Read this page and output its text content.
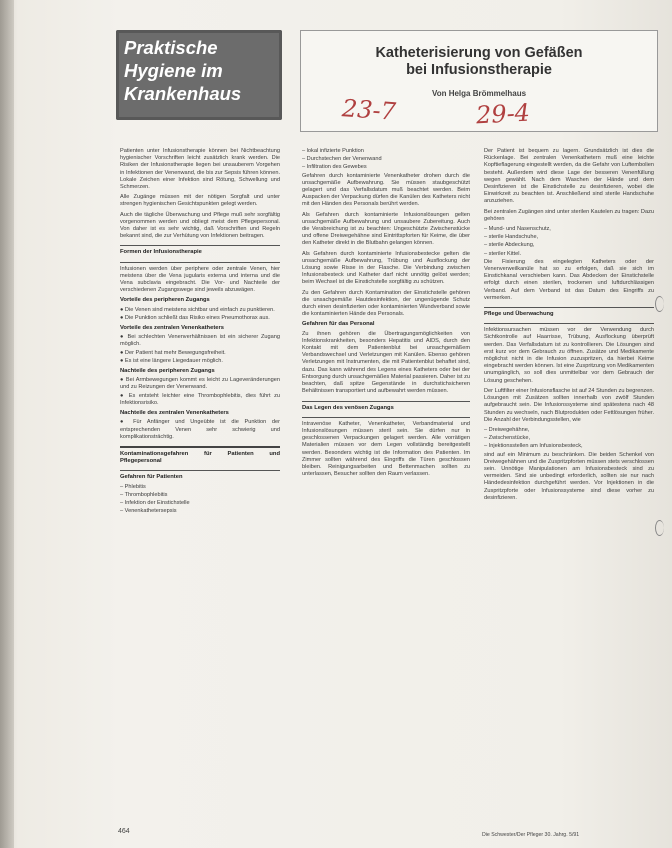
Praktische
Hygiene im
Krankenhaus
Katheterisierung von Gefäßen
bei Infusionstherapie
Von Helga Brömmelhaus
23-7	29-4

Patienten unter Infusionstherapie können bei Nichtbeachtung hygienischer Vorschriften leicht zusätzlich krank werden. Die Risiken der Infusionstherapie liegen bei unsauberem Vorgehen in Infektionen der Venenwand, die bis zur Sepsis führen können. Lokale Zeichen einer Infektion sind Rötung, Schwellung und Schmerzen.

Alle Zugänge müssen mit der nötigen Sorgfalt und unter strengen hygienischen Gesichtspunkten gelegt werden.

Auch die tägliche Überwachung und Pflege muß sehr sorgfältig vorgenommen werden und obliegt meist dem Pflegepersonal. Von daher ist es sehr wichtig, daß Vorschriften und Regeln bekannt sind, die zur Verhütung von Infektionen beitragen.

Formen der Infusionstherapie

Infusionen werden über periphere oder zentrale Venen, hier meistens über die Vena jugularis externa und interna und die Vena subclavia eingebracht. Die Vor- und Nachteile der verschiedenen Zugangswege sind jeweils abzuwägen.

Vorteile des peripheren Zugangs

● Die Venen sind meistens sichtbar und einfach zu punktieren.

● Die Punktion schließt das Risiko eines Pneumothorax aus.

Vorteile des zentralen Venenkatheters

● Bei schlechten Venenverhältnissen ist ein sicherer Zugang möglich.

● Der Patient hat mehr Bewegungsfreiheit.

● Es ist eine längere Liegedauer möglich.

Nachteile des peripheren Zugangs

● Bei Armbewegungen kommt es leicht zu Lageveränderungen und zu Reizungen der Venenwand.

● Es entsteht leichter eine Thrombophlebitis, dies führt zu Infektionsrisiko.

Nachteile des zentralen Venenkatheters

● Für Anfänger und Ungeübte ist die Punktion der entsprechenden Venen sehr schwierig und komplikationsträchtig.

Kontaminationsgefahren für Patienten und Pflegepersonal
Gefahren für Patienten

– Phlebitis

– Thrombophlebitis

– Infektion der Einstichstelle

– Venenkathetersepsis

– lokal infizierte Punktion

– Durchstechen der Venenwand

– Infiltration des Gewebes

Gefahren durch kontaminierte Venenkatheter drohen durch die unsachgemäße Aufbewahrung. Sie müssen staubgeschützt gelagert und das Verfallsdatum muß beachtet werden. Beim Auspacken der Verpackung dürfen die Kanülen des Katheters nicht mit den Händen des Personals berührt werden.

Als Gefahren durch kontaminierte Infusionslösungen gelten unsachgemäße Aufbewahrung und unsaubere Zubereitung. Auch die Verabreichung ist zu beachten: Ungeschützte Zwischenstücke und offene Dreiwegehähne sind Eintrittspforten für Keime, die über den Katheter direkt in die Blutbahn gelangen können.

Als Gefahren durch kontaminierte Infusionsbestecke gelten die unsachgemäße Aufbewahrung, Trübung und Ausflockung der Lösung sowie Risse in der Flasche. Die Verbindung zwischen Infusionsbesteck und Katheter darf nicht unnötig gelöst werden; beim Wechsel ist die Einstichstelle sorgfältig zu schützen.

Zu den Gefahren durch Kontamination der Einstichstelle gehören die unsachgemäße Hautdesinfektion, der ungenügende Schutz durch einen desinfizierten oder kontaminierten Wundverband sowie die kontaminierten Hände des Personals.

Gefahren für das Personal

Zu ihnen gehören die Übertragungsmöglichkeiten von Infektionskrankheiten, besonders Hepatitis und AIDS, durch den Kontakt mit dem Patientenblut bei unsachgemäßem Verbandswechsel und Verletzungen mit Kanülen. Ebenso gehören Verletzungen mit Instrumenten, die mit Patientenblut behaftet sind, dazu. Das kann während des Legens eines Katheters oder bei der Entsorgung durch unsachgemäßes Material passieren. Daher ist zu beachten, daß spitze Gegenstände in durchstichsicheren Behältnissen transportiert und aufbewahrt werden müssen.

Das Legen des venösen Zugangs

Intravenöse Katheter, Venenkatheter, Verbandmaterial und Infusionslösungen müssen steril sein. Sie dürfen nur in geschlossenen Verpackungen gelagert werden. Alle vorrätigen Materialien müssen vor dem Legen vollständig bereitgestellt werden. Besonders wichtig ist die Information des Patienten. Im Zimmer sollten während des Eingriffs die Türen geschlossen bleiben. Reinigungsarbeiten und Bettenmachen sollten zu unterlassen, Besucher sollten den Raum verlassen.

Der Patient ist bequem zu lagern. Grundsätzlich ist dies die Rückenlage. Bei zentralen Venenkathetern muß eine leichte Kopftieflagerung eingestellt werden, da die Gefahr von Luftembolien besteht. Außerdem wird diese Lage der besseren Venenfüllung wegen gewählt. Nach dem Waschen der Hände und dem Desinfizieren ist die Einstichstelle zu desinfizieren, wobei die Einwirkzeit zu beachten ist. Anschließend sind sterile Handschuhe anzuziehen.

Bei zentralen Zugängen sind unter sterilen Kautelen zu tragen: Dazu gehören

– Mund- und Nasenschutz,

– sterile Handschuhe,

– sterile Abdeckung,

– steriler Kittel.

Die Fixierung des eingelegten Katheters oder der Venenverweilkanüle hat so zu erfolgen, daß sie sich im Einstichkanal verschieben kann. Das Abdecken der Einstichstelle erfolgt durch einen sterilen, trockenen und luftdurchlässigen Verband. Auf dem Verband ist das Datum des Eingriffs zu vermerken.

Pflege und Überwachung

Infektionsursachen müssen vor der Verwendung durch Sichtkontrolle auf Haarrisse, Trübung, Ausflockung überprüft werden. Das Verfallsdatum ist zu kontrollieren. Die Lösungen sind erst kurz vor dem Gebrauch zu öffnen. Zusätze und Medikamente möglichst nicht in die Infusion zuzuspritzen, da hierbei Keime eingebracht werden können. Ist eine Zuspritzung von Medikamenten unumgänglich, so soll dies unmittelbar vor dem Gebrauch der Lösung geschehen.

Der Luftfilter einer Infusionsflasche ist auf 24 Stunden zu begrenzen. Lösungen mit Zusätzen sollten innerhalb von zwölf Stunden aufgebraucht sein. Die Infusionssysteme sind spätestens nach 48 Stunden zu wechseln, nach Blutprodukten oder Fettlösungen früher. Die Anzahl der Verbindungsstellen, wie

– Dreiwegehähne,

– Zwischenstücke,

– Injektionsstellen am Infusionsbesteck,

sind auf ein Minimum zu beschränken. Die beiden Schenkel von Dreiwegehähnen und die Zuspritzpforten müssen stets verschlossen sein. Unnötige Manipulationen am Infusionsbesteck sind zu vermeiden. Sind sie unbedingt erforderlich, sollten sie nur nach Händedesinfektion durchgeführt werden. Vor Injektionen in die Zuspritzpforte oder Infusionssysteme sind diese vorher zu desinfizieren.

464	Die Schwester/Der Pfleger 30. Jahrg. 5/91
